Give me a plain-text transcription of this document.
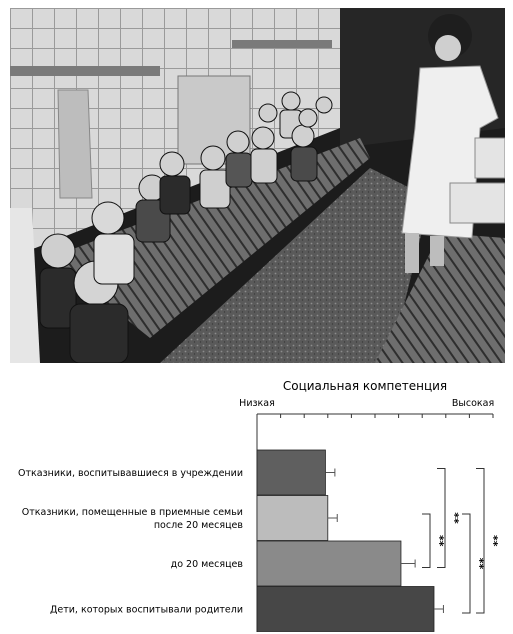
Социальная компетенция
Низкая	Высокая
Отказники, воспитывавшиеся в учреждении
Отказники, помещенные в приемные семьи после 20 месяцев
до 20 месяцев
Дети, которых воспитывали родители
**
**
**
**
